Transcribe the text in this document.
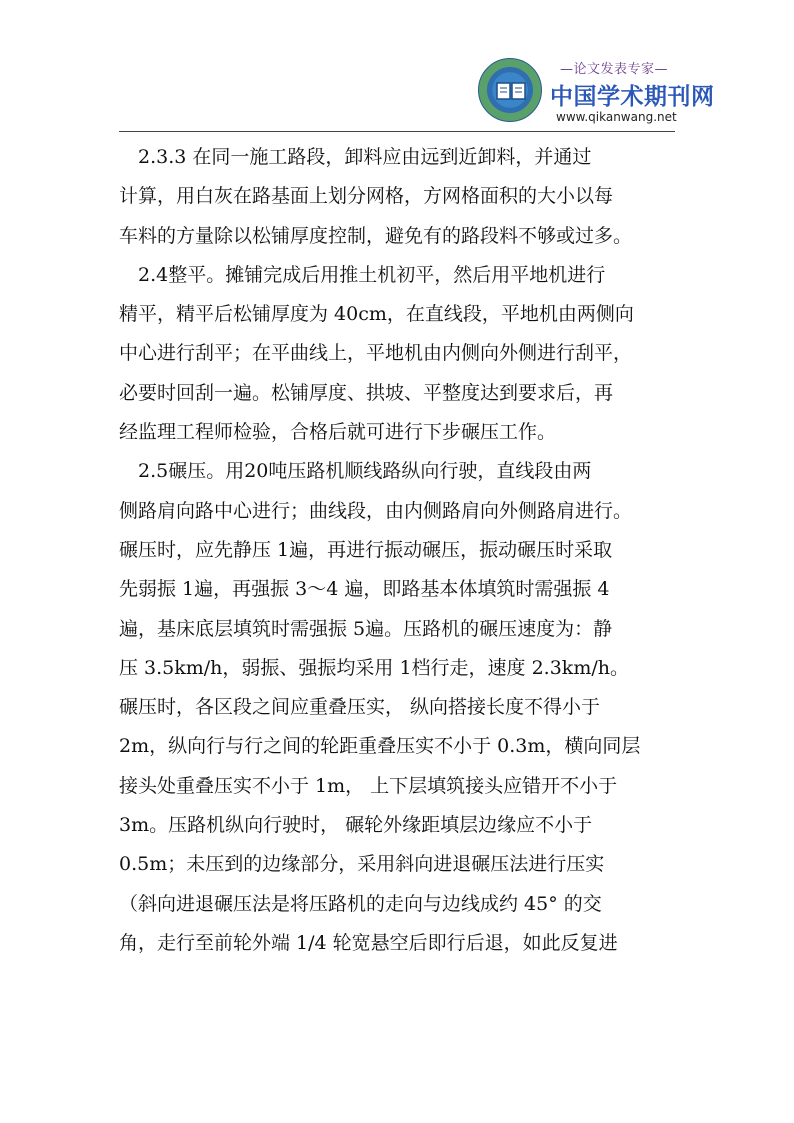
—论文发表专家—
中国学术期刊网
www.qikanwang.net
　2.3.3 在同一施工路段，卸料应由远到近卸料，并通过
计算，用白灰在路基面上划分网格，方网格面积的大小以每
车料的方量除以松铺厚度控制，避免有的路段料不够或过多。
　2.4整平。摊铺完成后用推土机初平，然后用平地机进行
精平，精平后松铺厚度为 40cm，在直线段，平地机由两侧向
中心进行刮平；在平曲线上，平地机由内侧向外侧进行刮平，
必要时回刮一遍。松铺厚度、拱坡、平整度达到要求后，再
经监理工程师检验，合格后就可进行下步碾压工作。
　2.5碾压。用20吨压路机顺线路纵向行驶，直线段由两
侧路肩向路中心进行；曲线段，由内侧路肩向外侧路肩进行。
碾压时，应先静压 1遍，再进行振动碾压，振动碾压时采取
先弱振 1遍，再强振 3～4 遍，即路基本体填筑时需强振 4
遍，基床底层填筑时需强振 5遍。压路机的碾压速度为：静
压 3.5km/h，弱振、强振均采用 1档行走，速度 2.3km/h。
碾压时，各区段之间应重叠压实， 纵向搭接长度不得小于
2m，纵向行与行之间的轮距重叠压实不小于 0.3m，横向同层
接头处重叠压实不小于 1m， 上下层填筑接头应错开不小于
3m。压路机纵向行驶时， 碾轮外缘距填层边缘应不小于
0.5m；未压到的边缘部分，采用斜向进退碾压法进行压实
（斜向进退碾压法是将压路机的走向与边线成约 45° 的交
角，走行至前轮外端 1/4 轮宽悬空后即行后退，如此反复进
